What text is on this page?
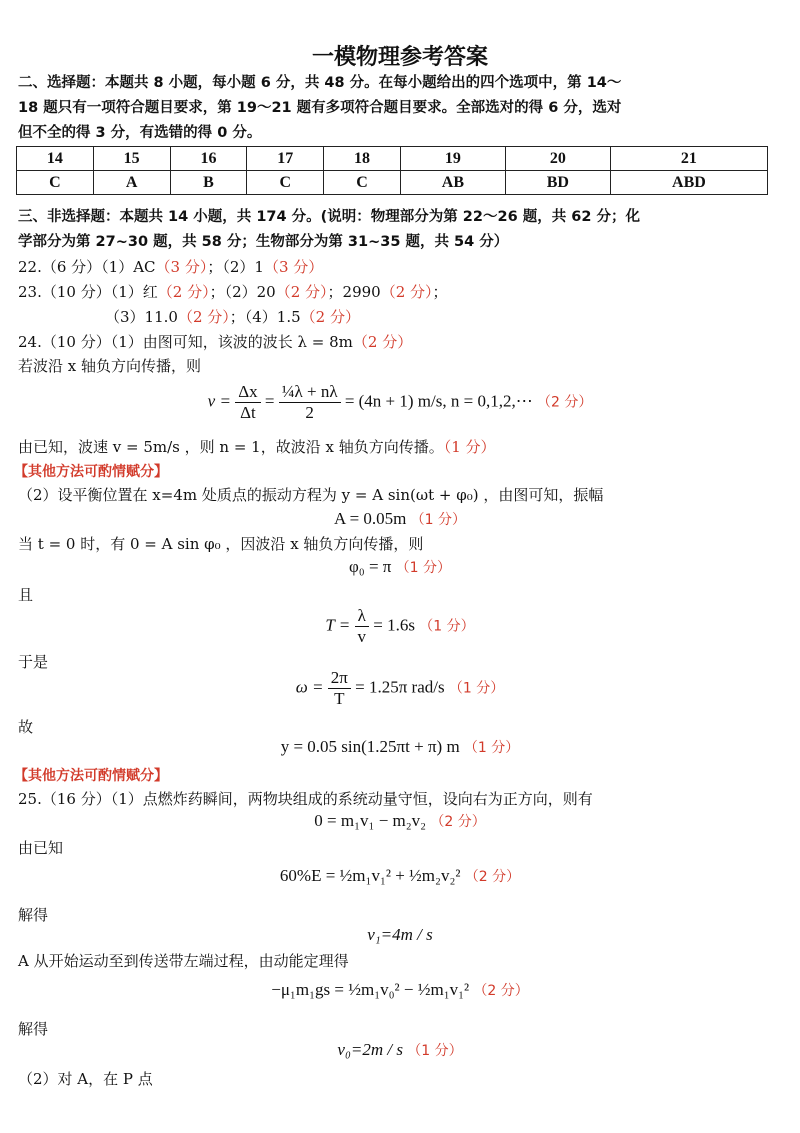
一模物理参考答案
二、选择题：本题共 8 小题，每小题 6 分，共 48 分。在每小题给出的四个选项中，第 14～
18 题只有一项符合题目要求，第 19～21 题有多项符合题目要求。全部选对的得 6 分，选对
但不全的得 3 分，有选错的得 0 分。
14	15	16	17	18	19	20	21
C	A	B	C	C	AB	BD	ABD
三、非选择题：本题共 14 小题，共 174 分。(说明：物理部分为第 22～26 题，共 62 分；化
学部分为第 27~30 题，共 58 分；生物部分为第 31~35 题，共 54 分）
22.（6 分）（1）AC（3 分）；（2）1（3 分）
23.（10 分）（1）红（2 分）；（2）20（2 分）；2990（2 分）；
（3）11.0（2 分）；（4）1.5（2 分）
24.（10 分）（1）由图可知，该波的波长 λ = 8m（2 分）
若波沿 x 轴负方向传播，则
$v = \frac{\Delta x}{\Delta t} = \frac{\text{¼λ + nλ}}{2} = (4n + 1)$ m/s, n = 0,1,2,⋯ （2 分）
由已知，波速 v = 5m/s ，则 n = 1，故波沿 x 轴负方向传播。（1 分）
【其他方法可酌情赋分】
（2）设平衡位置在 x=4m 处质点的振动方程为 y = A sin(ωt + φ₀) ，由图可知，振幅
A = 0.05m （1 分）
当 t = 0 时，有 0 = A sin φ₀ ，因波沿 x 轴负方向传播，则
φ₀ = π （1 分）
且
$T = \frac{\lambda}{v} = 1.6s$ （1 分）
于是
$\omega = \frac{2\pi}{T} = 1.25\pi$ rad/s （1 分）
故
y = 0.05 sin(1.25πt + π) m （1 分）
【其他方法可酌情赋分】
25.（16 分）（1）点燃炸药瞬间，两物块组成的系统动量守恒，设向右为正方向，则有
0 = m₁v₁ − m₂v₂ （2 分）
由已知
60%E = ½m₁v₁² + ½m₂v₂² （2 分）
解得
v₁=4m / s
A 从开始运动至到传送带左端过程，由动能定理得
−μ₁m₁gs = ½m₁v₀² − ½m₁v₁² （2 分）
解得
v₀=2m / s （1 分）
（2）对 A，在 P 点
